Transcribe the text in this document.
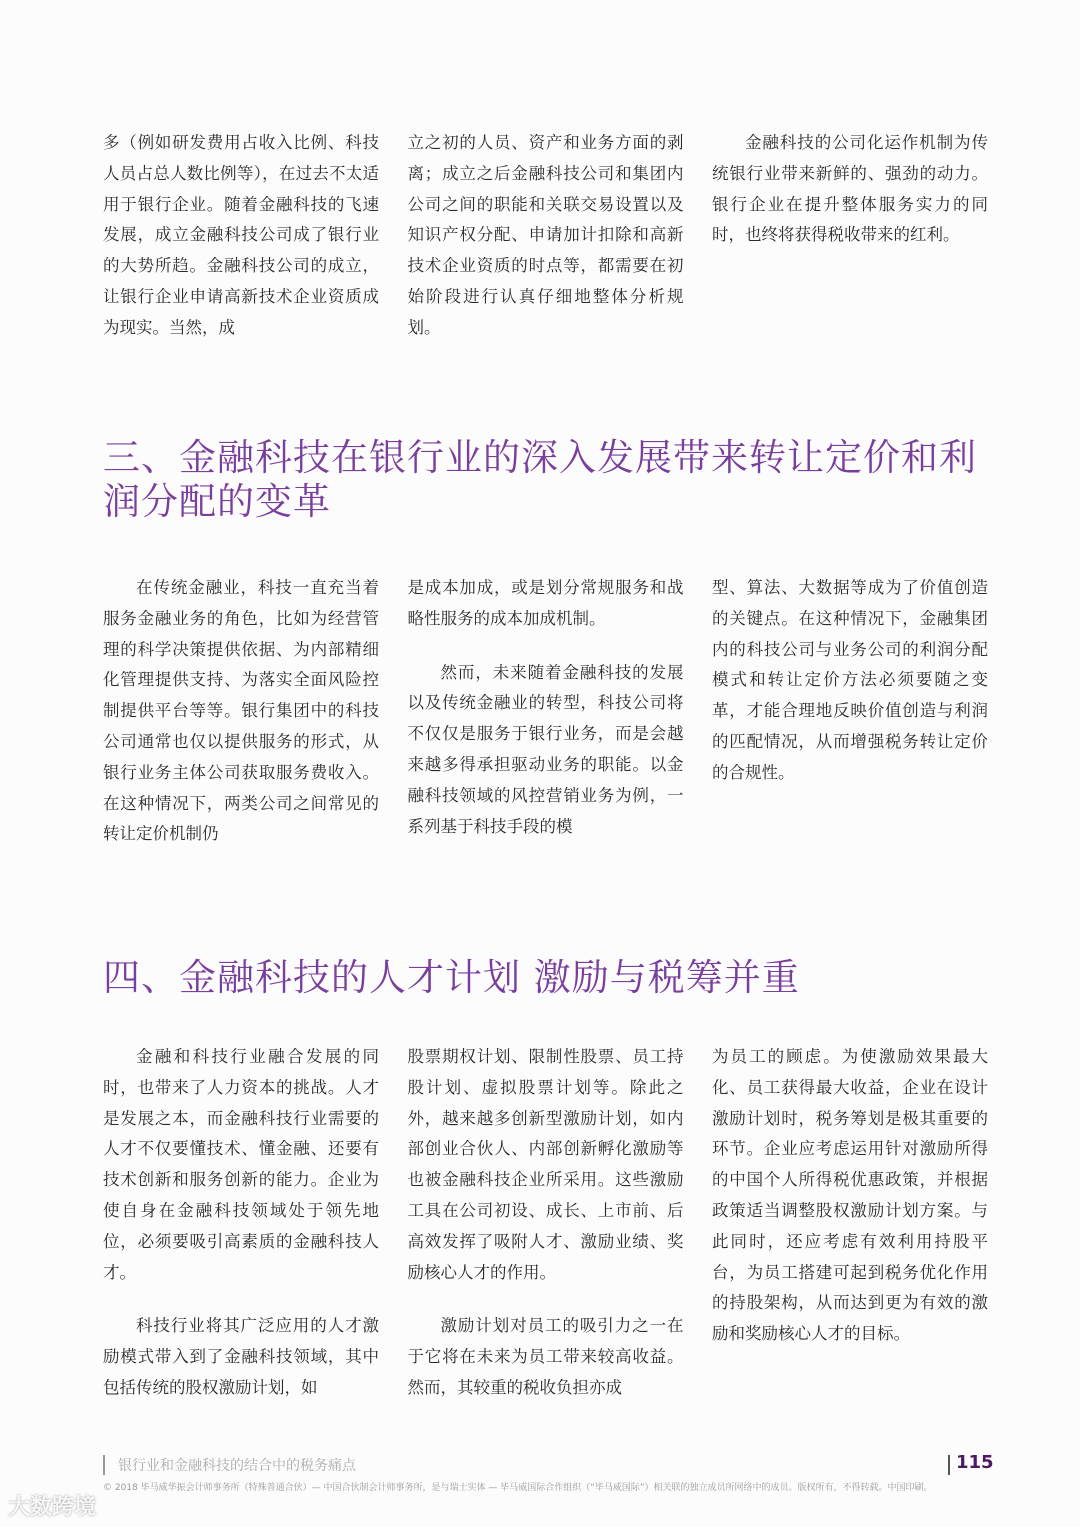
多（例如研发费用占收入比例、科技人员占总人数比例等），在过去不太适用于银行企业。随着金融科技的飞速发展，成立金融科技公司成了银行业的大势所趋。金融科技公司的成立，让银行企业申请高新技术企业资质成为现实。当然，成

立之初的人员、资产和业务方面的剥离；成立之后金融科技公司和集团内公司之间的职能和关联交易设置以及知识产权分配、申请加计扣除和高新技术企业资质的时点等，都需要在初始阶段进行认真仔细地整体分析规划。

金融科技的公司化运作机制为传统银行业带来新鲜的、强劲的动力。银行企业在提升整体服务实力的同时，也终将获得税收带来的红利。

三、金融科技在银行业的深入发展带来转让定价和利润分配的变革

在传统金融业，科技一直充当着服务金融业务的角色，比如为经营管理的科学决策提供依据、为内部精细化管理提供支持、为落实全面风险控制提供平台等等。银行集团中的科技公司通常也仅以提供服务的形式，从银行业务主体公司获取服务费收入。在这种情况下，两类公司之间常见的转让定价机制仍

是成本加成，或是划分常规服务和战略性服务的成本加成机制。

然而，未来随着金融科技的发展以及传统金融业的转型，科技公司将不仅仅是服务于银行业务，而是会越来越多得承担驱动业务的职能。以金融科技领域的风控营销业务为例，一系列基于科技手段的模

型、算法、大数据等成为了价值创造的关键点。在这种情况下，金融集团内的科技公司与业务公司的利润分配模式和转让定价方法必须要随之变革，才能合理地反映价值创造与利润的匹配情况，从而增强税务转让定价的合规性。

四、金融科技的人才计划 激励与税筹并重

金融和科技行业融合发展的同时，也带来了人力资本的挑战。人才是发展之本，而金融科技行业需要的人才不仅要懂技术、懂金融、还要有技术创新和服务创新的能力。企业为使自身在金融科技领域处于领先地位，必须要吸引高素质的金融科技人才。

科技行业将其广泛应用的人才激励模式带入到了金融科技领域，其中包括传统的股权激励计划，如

股票期权计划、限制性股票、员工持股计划、虚拟股票计划等。除此之外，越来越多创新型激励计划，如内部创业合伙人、内部创新孵化激励等也被金融科技企业所采用。这些激励工具在公司初设、成长、上市前、后高效发挥了吸附人才、激励业绩、奖励核心人才的作用。

激励计划对员工的吸引力之一在于它将在未来为员工带来较高收益。然而，其较重的税收负担亦成

为员工的顾虑。为使激励效果最大化、员工获得最大收益，企业在设计激励计划时，税务筹划是极其重要的环节。企业应考虑运用针对激励所得的中国个人所得税优惠政策，并根据政策适当调整股权激励计划方案。与此同时，还应考虑有效利用持股平台，为员工搭建可起到税务优化作用的持股架构，从而达到更为有效的激励和奖励核心人才的目标。

银行业和金融科技的结合中的税务痛点	115
© 2018 毕马威华振会计师事务所（特殊普通合伙）— 中国合伙制会计师事务所，是与瑞士实体 — 毕马威国际合作组织（“毕马威国际”）相关联的独立成员所网络中的成员。版权所有，不得转载。中国印刷。
大数跨境
